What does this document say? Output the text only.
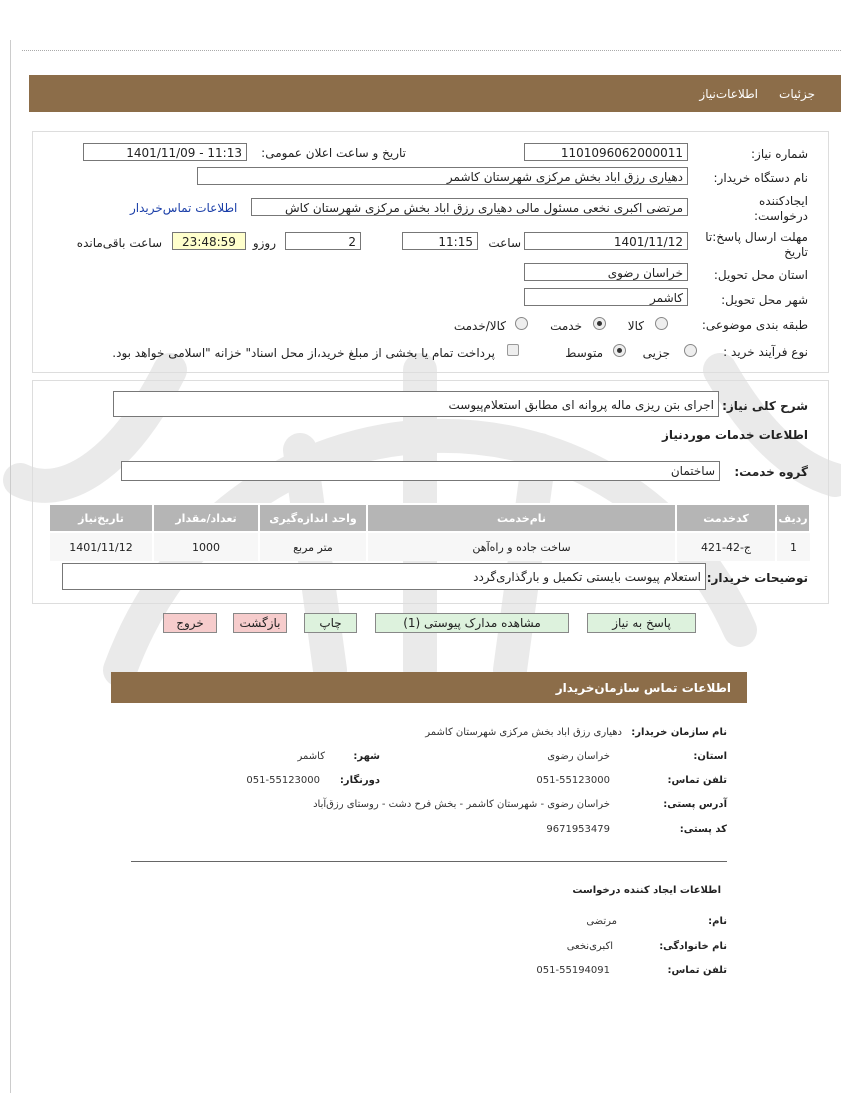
جزئیات
اطلاعات‌نیاز
شماره نیاز:
1101096062000011
تاریخ و ساعت اعلان عمومی:
1401/11/09 - 11:13
نام دستگاه خریدار:
دهیاری رزق اباد بخش مرکزی شهرستان کاشمر
ایجادکننده
درخواست:
مرتضی اکبری نخعی مسئول مالی دهیاری رزق اباد بخش مرکزی شهرستان کاش
اطلاعات تماس‌خریدار
مهلت ارسال پاسخ:تا
تاریخ
1401/11/12
ساعت
11:15
2
روزو
23:48:59
ساعت باقی‌مانده
استان محل تحویل:
خراسان رضوی
شهر محل تحویل:
کاشمر
طبقه بندی موضوعی:
کالا
خدمت
کالا/خدمت
نوع فرآیند خرید :
جزیی
متوسط
پرداخت تمام یا بخشی از مبلغ خرید،از محل اسناد" خزانه "اسلامی خواهد بود.
شرح کلی نیاز:
اجرای بتن ریزی ماله پروانه ای مطابق استعلام‌پیوست
اطلاعات خدمات موردنیاز
گروه خدمت:
ساختمان
ردیف	کدخدمت	نام‌خدمت	واحد اندازه‌گیری	تعداد/مقدار	تاریخ‌نیاز
1	ج-42-421	ساخت جاده و راه‌آهن	متر مربع	1000	1401/11/12
توضیحات خریدار:
استعلام پیوست بایستی تکمیل و بارگذاری‌گردد
پاسخ به نیاز
مشاهده مدارک پیوستی (1)
چاپ
بازگشت
خروج
اطلاعات تماس سازمان‌خریدار
نام سازمان خریدار:
دهیاری رزق اباد بخش مرکزی شهرستان کاشمر
استان:
خراسان رضوی
شهر:
کاشمر
تلفن تماس:
051-55123000
دورنگار:
051-55123000
آدرس پستی:
خراسان رضوی - شهرستان کاشمر - بخش فرح دشت - روستای رزق‌آباد
کد پستی:
9671953479
اطلاعات ایجاد کننده درخواست
نام:
مرتضی
نام خانوادگی:
اکبری‌نخعی
تلفن تماس:
051-55194091
